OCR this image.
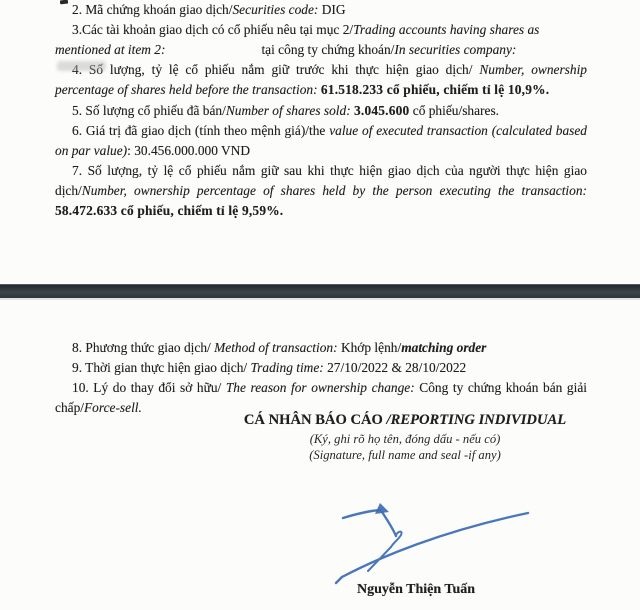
2. Mã chứng khoán giao dịch/Securities code: DIG

3.Các tài khoản giao dịch có cổ phiếu nêu tại mục 2/Trading accounts having shares as
mentioned at item 2:	tại công ty chứng khoán/In securities company:

4. Số lượng, tỷ lệ cổ phiếu nắm giữ trước khi thực hiện giao dịch/ Number, ownership percentage of shares held before the transaction: 61.518.233 cổ phiếu, chiếm tỉ lệ 10,9%.

5. Số lượng cổ phiếu đã bán/Number of shares sold: 3.045.600 cổ phiếu/shares.

6. Giá trị đã giao dịch (tính theo mệnh giá)/the value of executed transaction (calculated based on par value): 30.456.000.000 VND

7. Số lượng, tỷ lệ cổ phiếu nắm giữ sau khi thực hiện giao dịch của người thực hiện giao dịch/Number, ownership percentage of shares held by the person executing the transaction: 58.472.633 cổ phiếu, chiếm tỉ lệ 9,59%.

8. Phương thức giao dịch/ Method of transaction: Khớp lệnh/matching order

9. Thời gian thực hiện giao dịch/ Trading time: 27/10/2022 & 28/10/2022

10. Lý do thay đổi sở hữu/ The reason for ownership change: Công ty chứng khoán bán giải chấp/Force-sell.

CÁ NHÂN BÁO CÁO /REPORTING INDIVIDUAL
(Ký, ghi rõ họ tên, đóng dấu - nếu có)
(Signature, full name and seal -if any)
Nguyễn Thiện Tuấn
